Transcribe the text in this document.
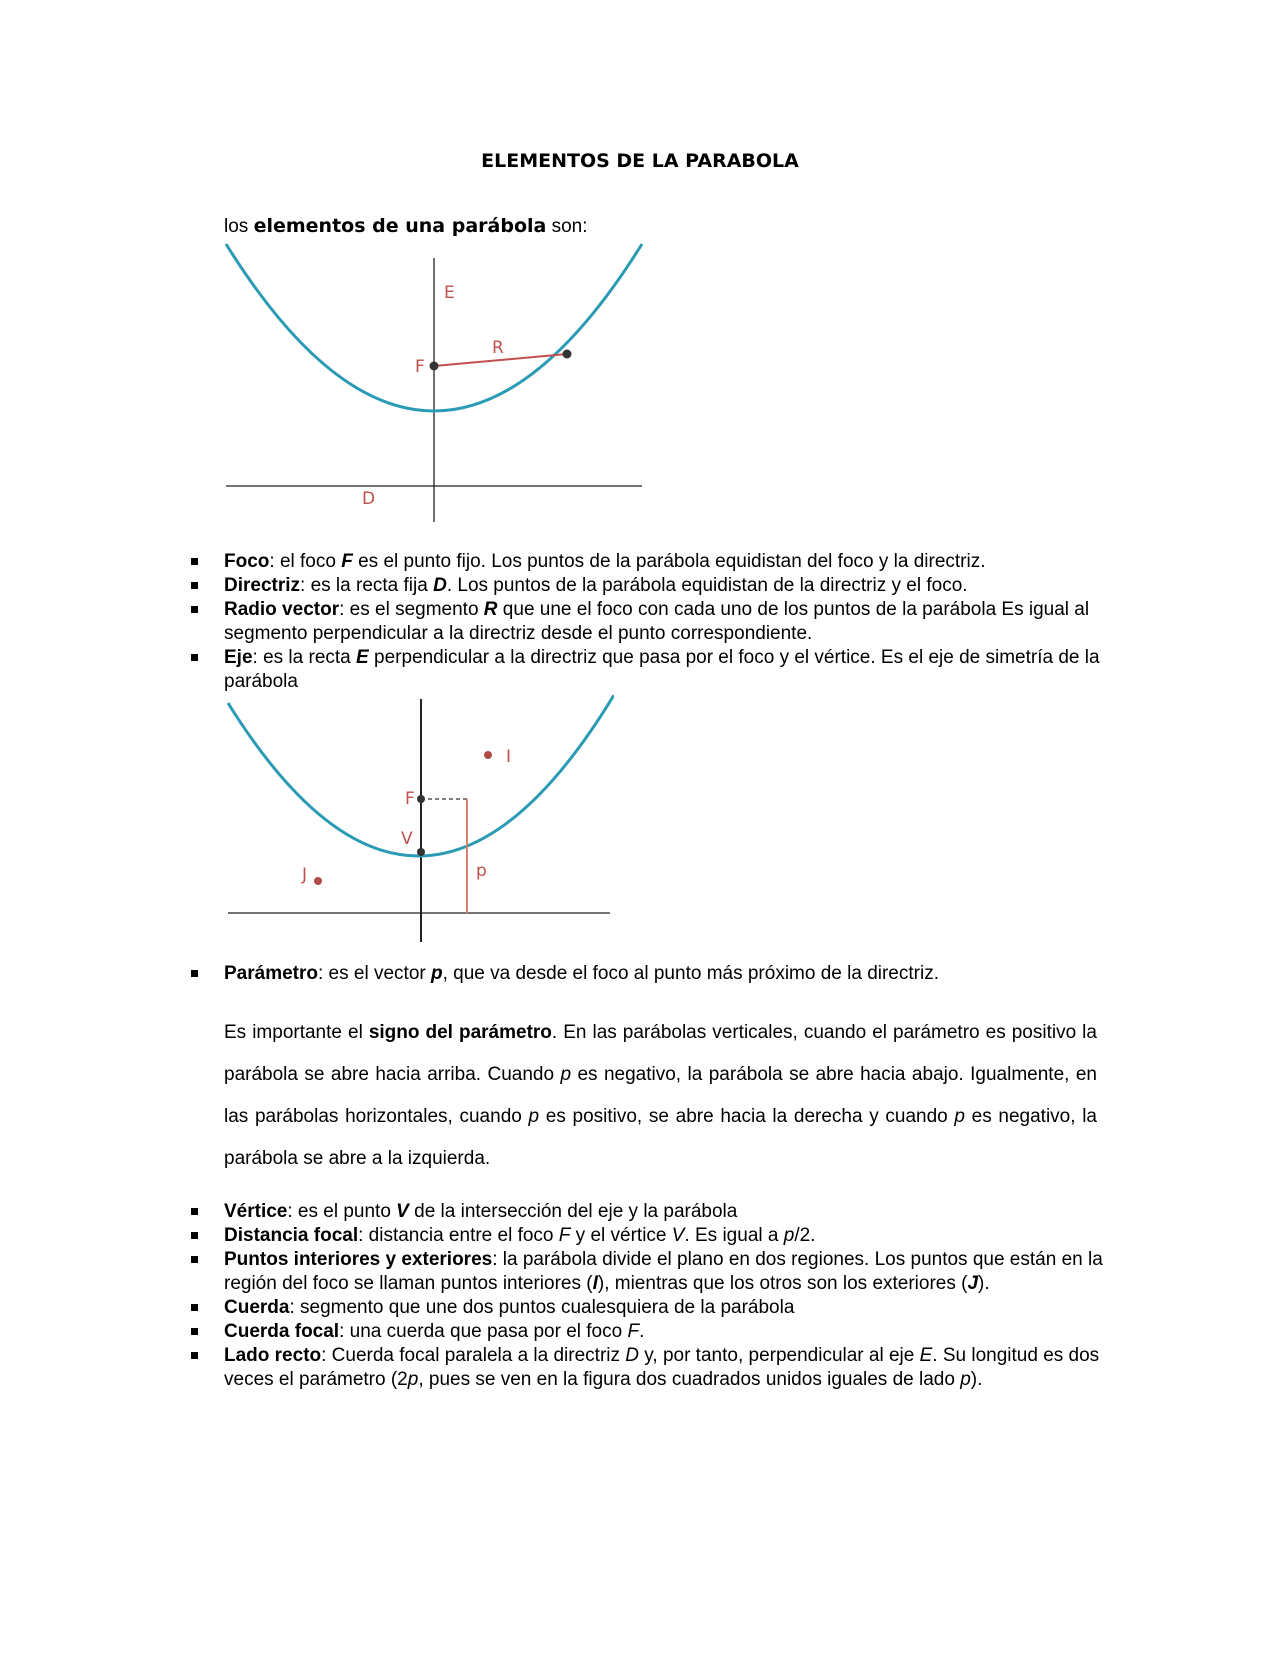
ELEMENTOS DE LA PARABOLA
los elementos de una parábola son:
E
F
R
D
Foco: el foco F es el punto fijo. Los puntos de la parábola equidistan del foco y la directriz.
Directriz: es la recta fija D. Los puntos de la parábola equidistan de la directriz y el foco.
Radio vector: es el segmento R que une el foco con cada uno de los puntos de la parábola Es igual al segmento perpendicular a la directriz desde el punto correspondiente.
Eje: es la recta E perpendicular a la directriz que pasa por el foco y el vértice. Es el eje de simetría de la parábola
F
V
I
J	p
Parámetro: es el vector p, que va desde el foco al punto más próximo de la directriz.
Es importante el signo del parámetro. En las parábolas verticales, cuando el parámetro es positivo la parábola se abre hacia arriba. Cuando p es negativo, la parábola se abre hacia abajo. Igualmente, en las parábolas horizontales, cuando p es positivo, se abre hacia la derecha y cuando p es negativo, la parábola se abre a la izquierda.
Vértice: es el punto V de la intersección del eje y la parábola
Distancia focal: distancia entre el foco F y el vértice V. Es igual a p/2.
Puntos interiores y exteriores: la parábola divide el plano en dos regiones. Los puntos que están en la región del foco se llaman puntos interiores (I), mientras que los otros son los exteriores (J).
Cuerda: segmento que une dos puntos cualesquiera de la parábola
Cuerda focal: una cuerda que pasa por el foco F.
Lado recto: Cuerda focal paralela a la directriz D y, por tanto, perpendicular al eje E. Su longitud es dos veces el parámetro (2p, pues se ven en la figura dos cuadrados unidos iguales de lado p).
